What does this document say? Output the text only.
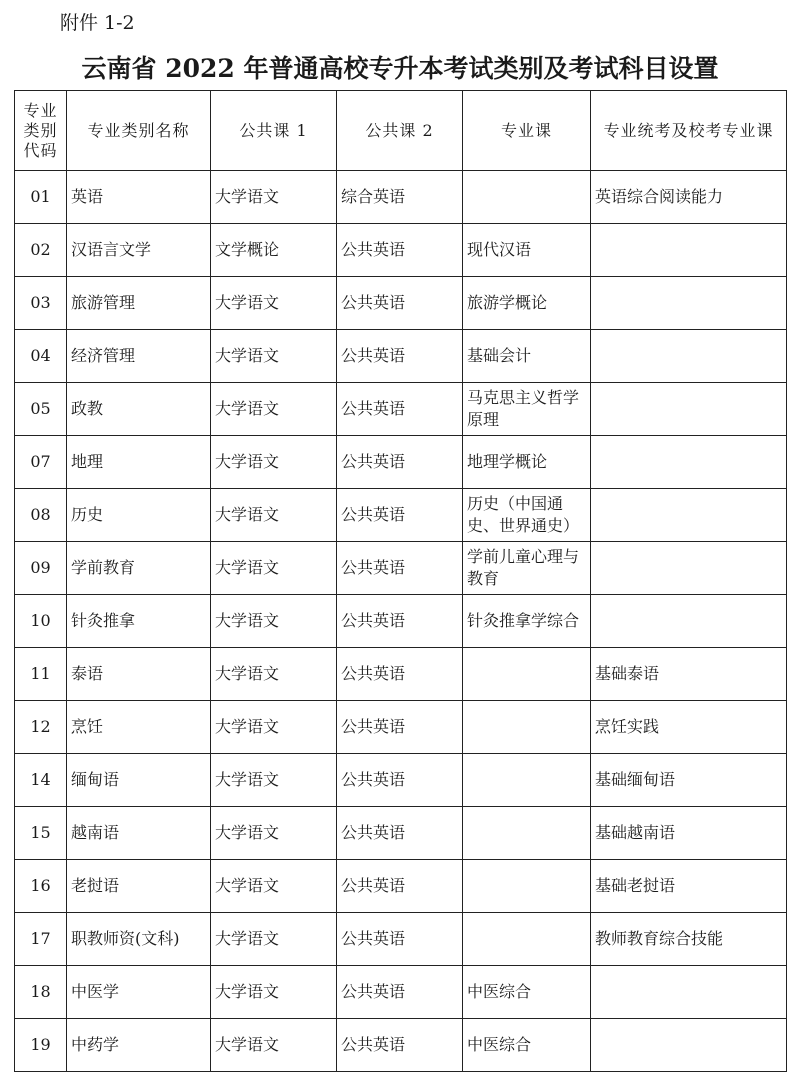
附件 1-2
云南省 2022 年普通高校专升本考试类别及考试科目设置
专业类别代码	专业类别名称	公共课 1	公共课 2	专业课	专业统考及校考专业课
01	英语	大学语文	综合英语		英语综合阅读能力
02	汉语言文学	文学概论	公共英语	现代汉语	
03	旅游管理	大学语文	公共英语	旅游学概论	
04	经济管理	大学语文	公共英语	基础会计	
05	政教	大学语文	公共英语	马克思主义哲学原理	
07	地理	大学语文	公共英语	地理学概论	
08	历史	大学语文	公共英语	历史（中国通史、世界通史）	
09	学前教育	大学语文	公共英语	学前儿童心理与教育	
10	针灸推拿	大学语文	公共英语	针灸推拿学综合	
11	泰语	大学语文	公共英语		基础泰语
12	烹饪	大学语文	公共英语		烹饪实践
14	缅甸语	大学语文	公共英语		基础缅甸语
15	越南语	大学语文	公共英语		基础越南语
16	老挝语	大学语文	公共英语		基础老挝语
17	职教师资(文科)	大学语文	公共英语		教师教育综合技能
18	中医学	大学语文	公共英语	中医综合	
19	中药学	大学语文	公共英语	中医综合	
